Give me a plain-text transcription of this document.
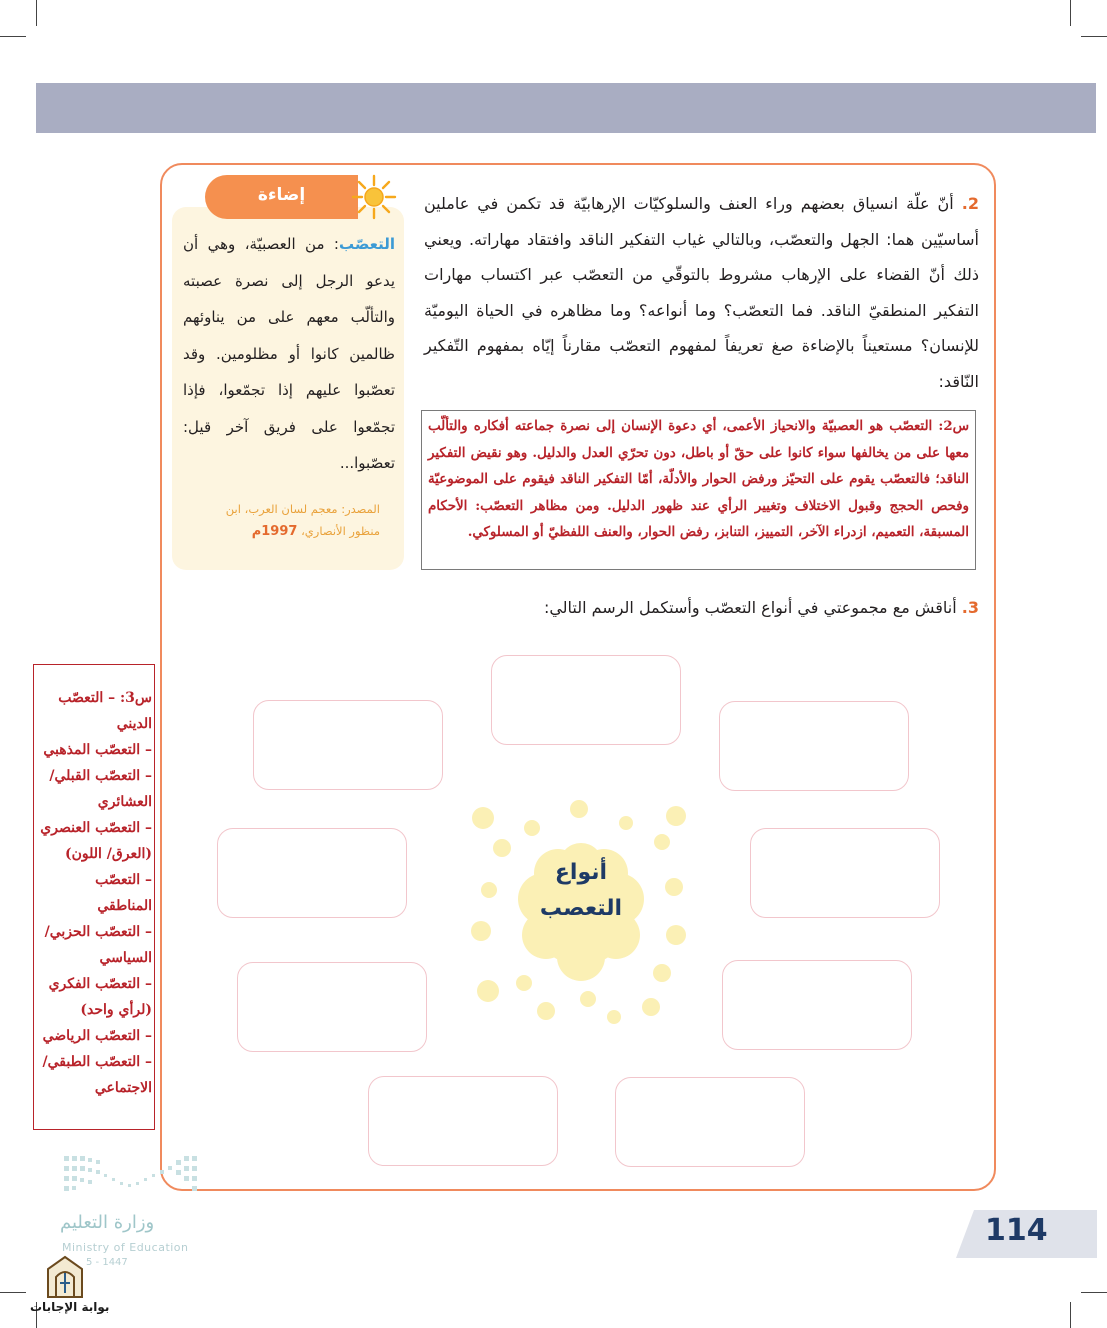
2. أنّ علّة انسياق بعضهم وراء العنف والسلوكيّات الإرهابيّة قد تكمن في عاملين أساسيّين هما: الجهل والتعصّب، وبالتالي غياب التفكير الناقد وافتقاد مهاراته. ويعني ذلك أنّ القضاء على الإرهاب مشروط بالتوقّي من التعصّب عبر اكتساب مهارات التفكير المنطقيّ الناقد. فما التعصّب؟ وما أنواعه؟ وما مظاهره في الحياة اليوميّة للإنسان؟ مستعيناً بالإضاءة صغ تعريفاً لمفهوم التعصّب مقارناً إيّاه بمفهوم التّفكير النّاقد:

س2: التعصّب هو العصبيّة والانحياز الأعمى، أي دعوة الإنسان إلى نصرة جماعته أفكاره والتألّب معها على من يخالفها سواء كانوا على حقّ أو باطل، دون تحرّي العدل والدليل. وهو نقيض التفكير الناقد؛ فالتعصّب يقوم على التحيّز ورفض الحوار والأدلّة، أمّا التفكير الناقد فيقوم على الموضوعيّة وفحص الحجج وقبول الاختلاف وتغيير الرأي عند ظهور الدليل. ومن مظاهر التعصّب: الأحكام المسبقة، التعميم، ازدراء الآخر، التمييز، التنابز، رفض الحوار، والعنف اللفظيّ أو المسلوكي.
إضاءة

التعصّب: من العصبيّة، وهي أن يدعو الرجل إلى نصرة عصبته والتألّب معهم على من يناوئهم ظالمين كانوا أو مظلومين. وقد تعصّبوا عليهم إذا تجمّعوا، فإذا تجمّعوا على فريق آخر قيل: تعصّبوا...

المصدر: معجم لسان العرب، ابن منظور الأنصاري، 1997م
3. أناقش مع مجموعتي في أنواع التعصّب وأستكمل الرسم التالي:
أنواع
التعصب
س3: – التعصّب الديني
– التعصّب المذهبي
– التعصّب القبلي/ العشائري
– التعصّب العنصري (العرق/ اللون)
– التعصّب المناطقي
– التعصّب الحزبي/ السياسي
– التعصّب الفكري (لرأي واحد)
– التعصّب الرياضي
– التعصّب الطبقي/ الاجتماعي
وزارة التعليم
Ministry of Education
5 - 1447
بوابة الإجابات
114
